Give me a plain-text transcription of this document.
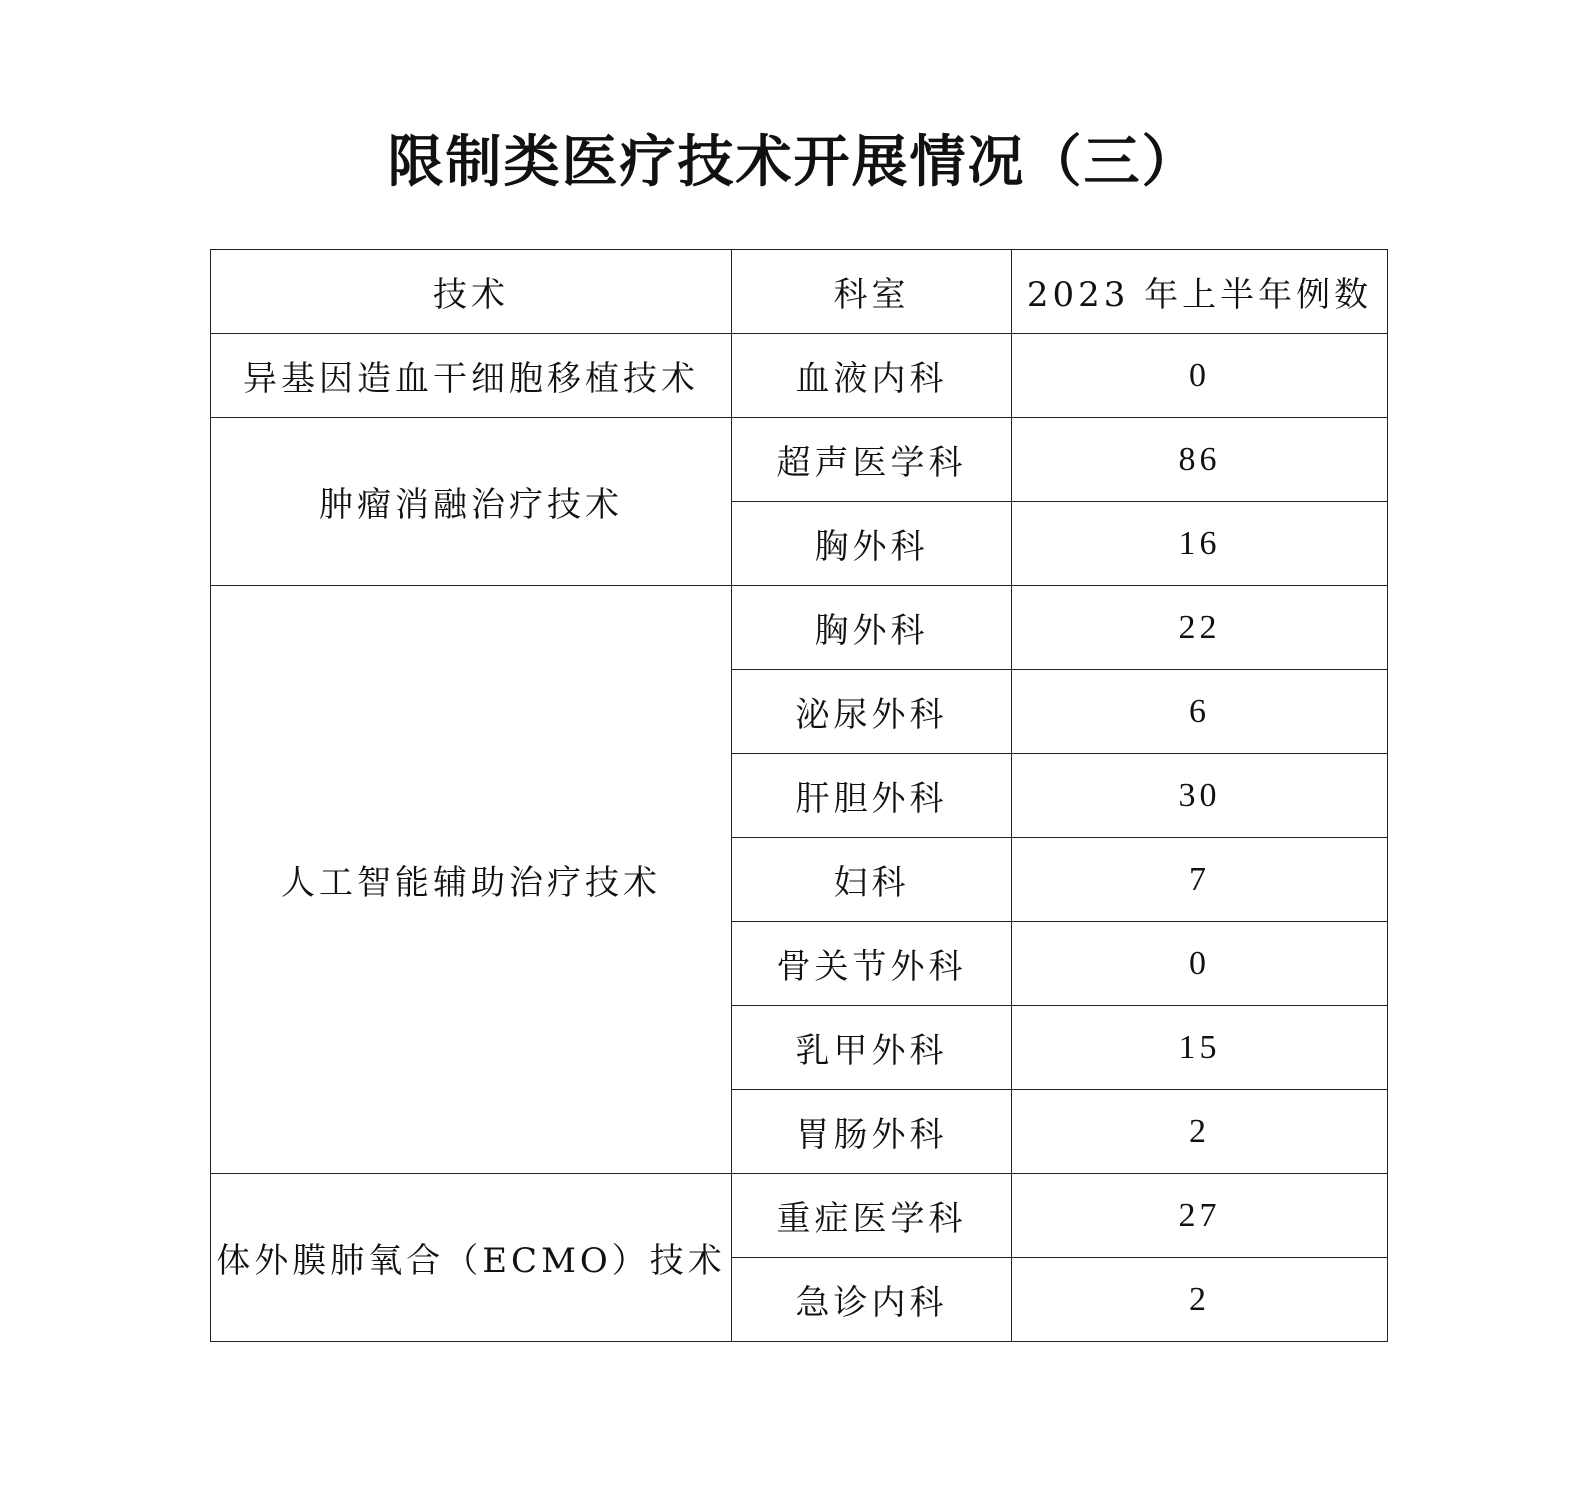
限制类医疗技术开展情况（三）
技术	科室	2023 年上半年例数
异基因造血干细胞移植技术	血液内科	0
肿瘤消融治疗技术	超声医学科	86
	胸外科	16
人工智能辅助治疗技术	胸外科	22
	泌尿外科	6
	肝胆外科	30
	妇科	7
	骨关节外科	0
	乳甲外科	15
	胃肠外科	2
体外膜肺氧合（ECMO）技术	重症医学科	27
	急诊内科	2
